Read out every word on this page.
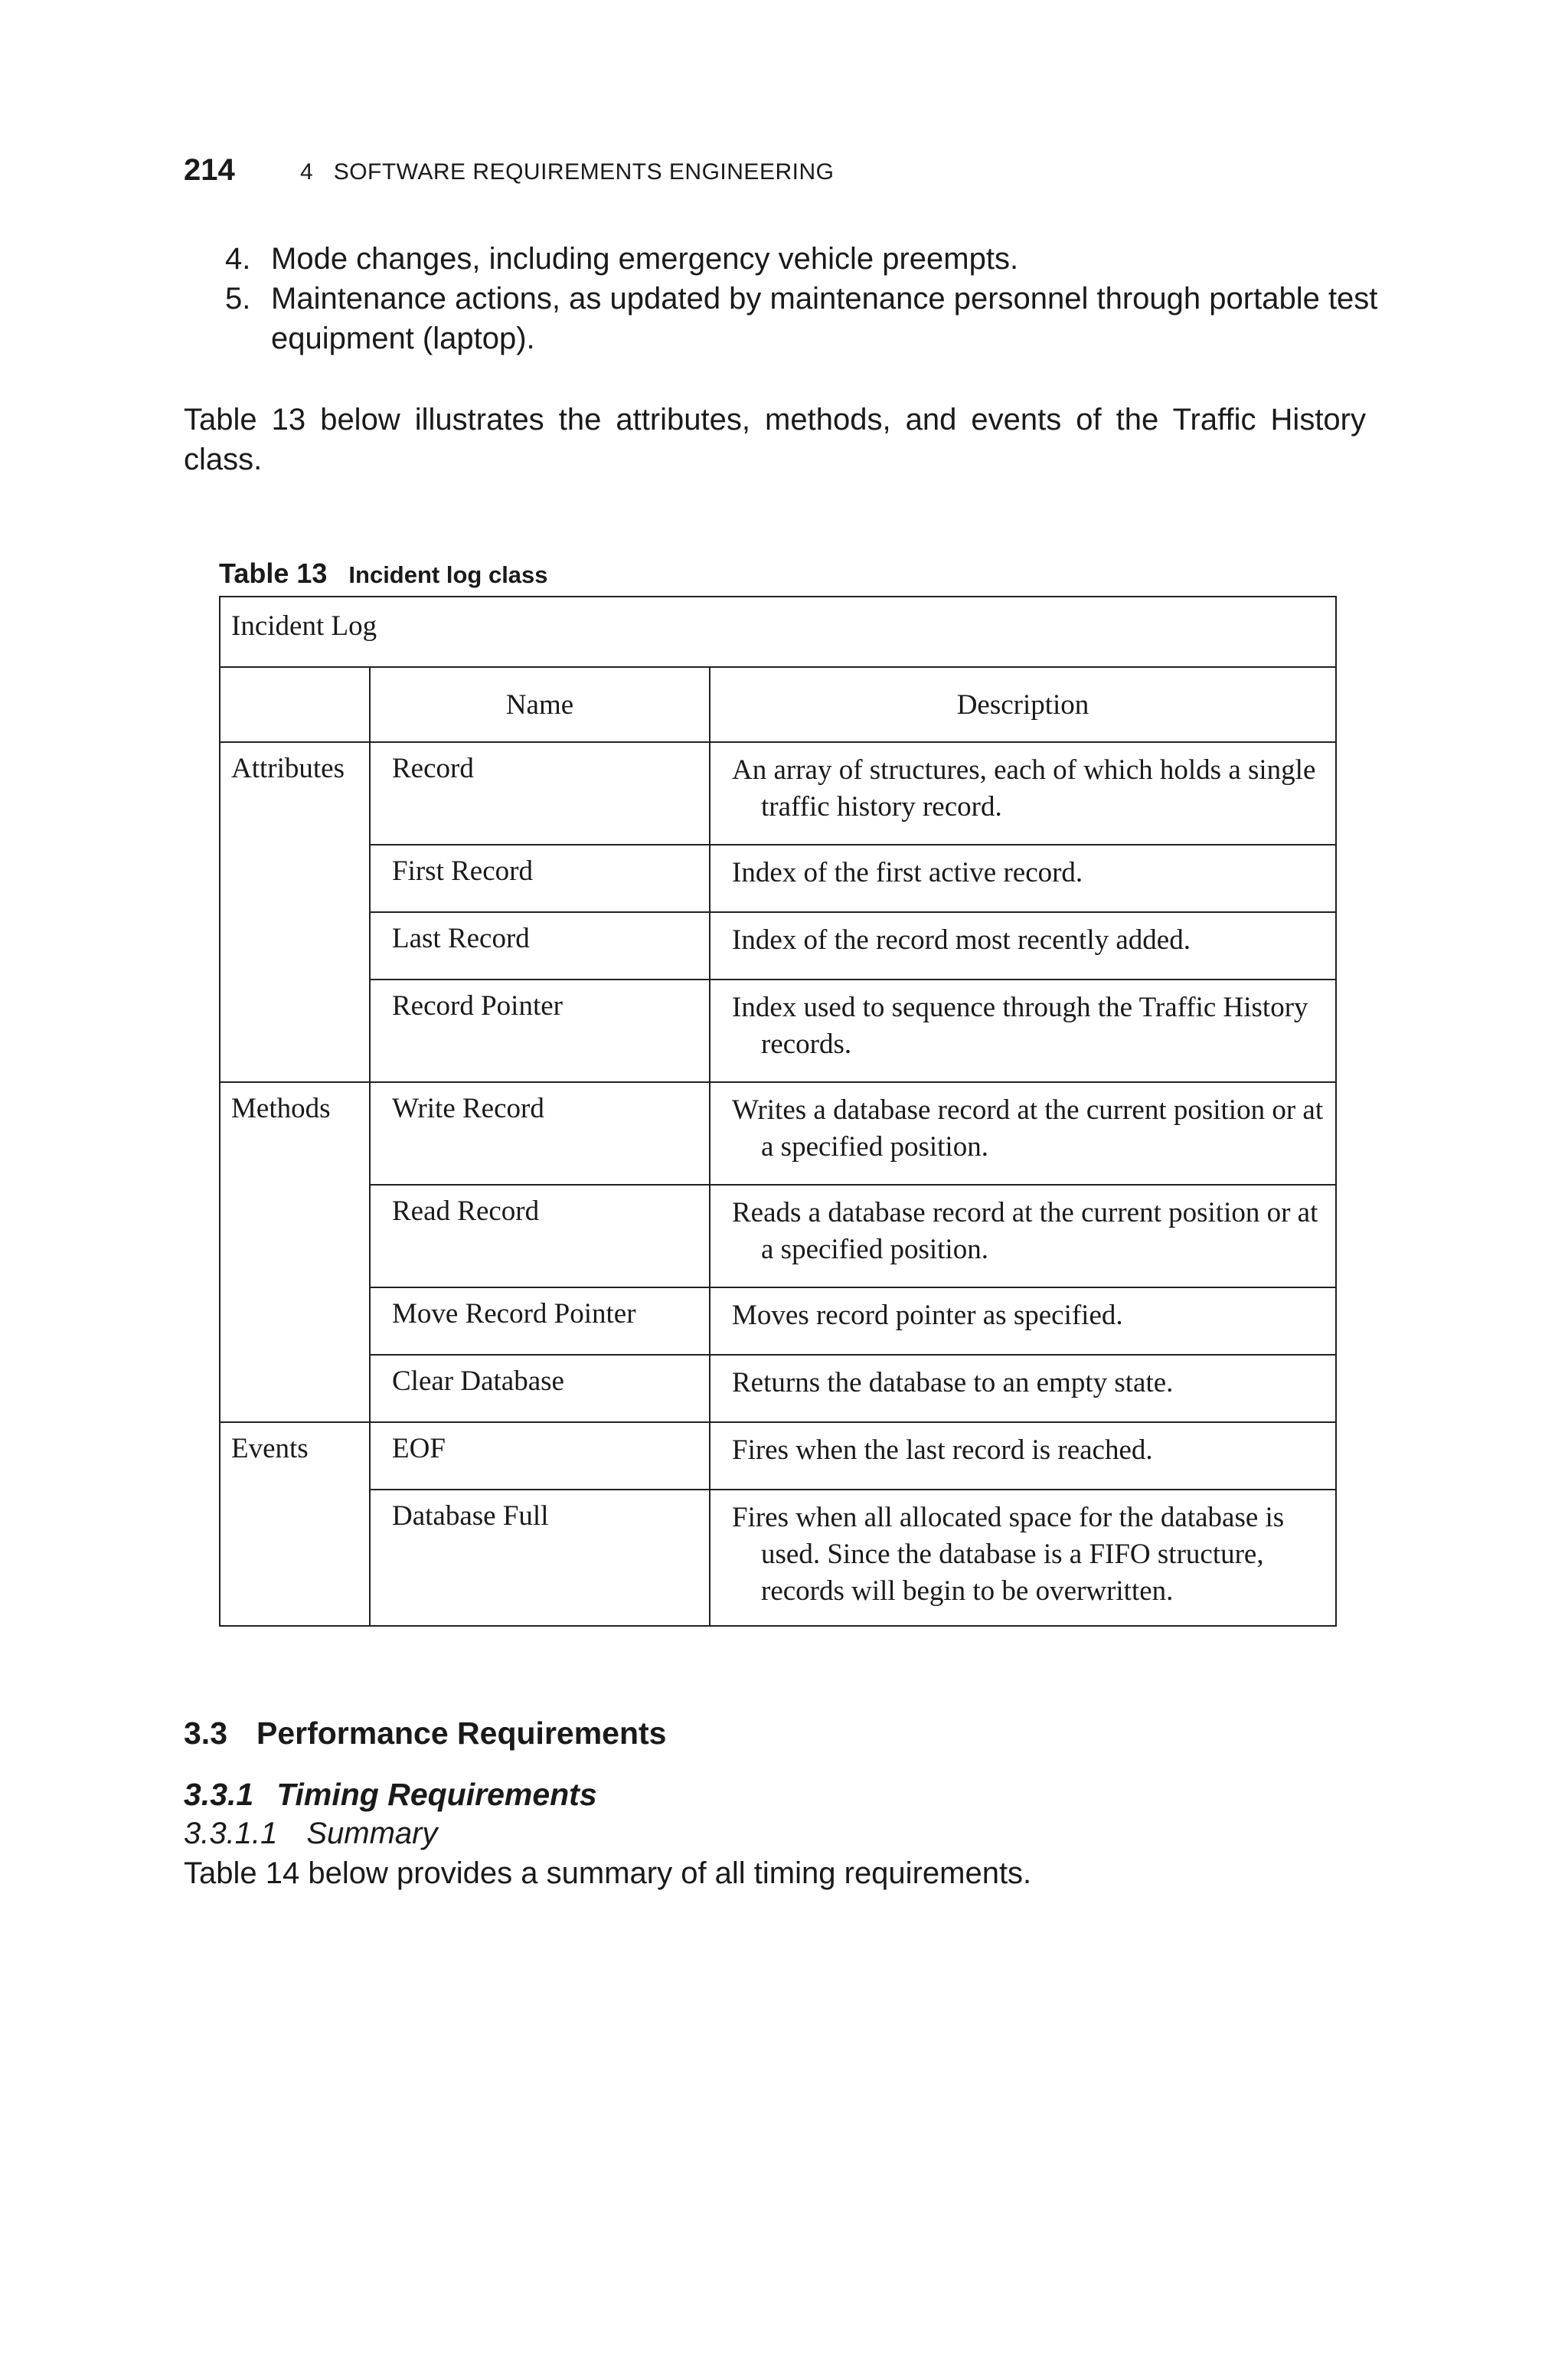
214	4   SOFTWARE REQUIREMENTS ENGINEERING
4. Mode changes, including emergency vehicle preempts.
5. Maintenance actions, as updated by maintenance personnel through portable test equipment (laptop).
Table 13 below illustrates the attributes, methods, and events of the Traffic History class.
Table 13 Incident log class
Incident Log		
	Name	Description
Attributes	Record	An array of structures, each of which holds a single traffic history record.

	First Record	Index of the first active record.

	Last Record	Index of the record most recently added.

	Record Pointer	Index used to sequence through the Traffic History records.

Methods	Write Record	Writes a database record at the current position or at a specified position.

	Read Record	Reads a database record at the current position or at a specified position.

	Move Record Pointer	Moves record pointer as specified.

	Clear Database	Returns the database to an empty state.

Events	EOF	Fires when the last record is reached.

	Database Full	Fires when all allocated space for the database is used. Since the database is a FIFO structure, records will begin to be overwritten.
3.3 Performance Requirements
3.3.1 Timing Requirements
3.3.1.1 Summary
Table 14 below provides a summary of all timing requirements.
